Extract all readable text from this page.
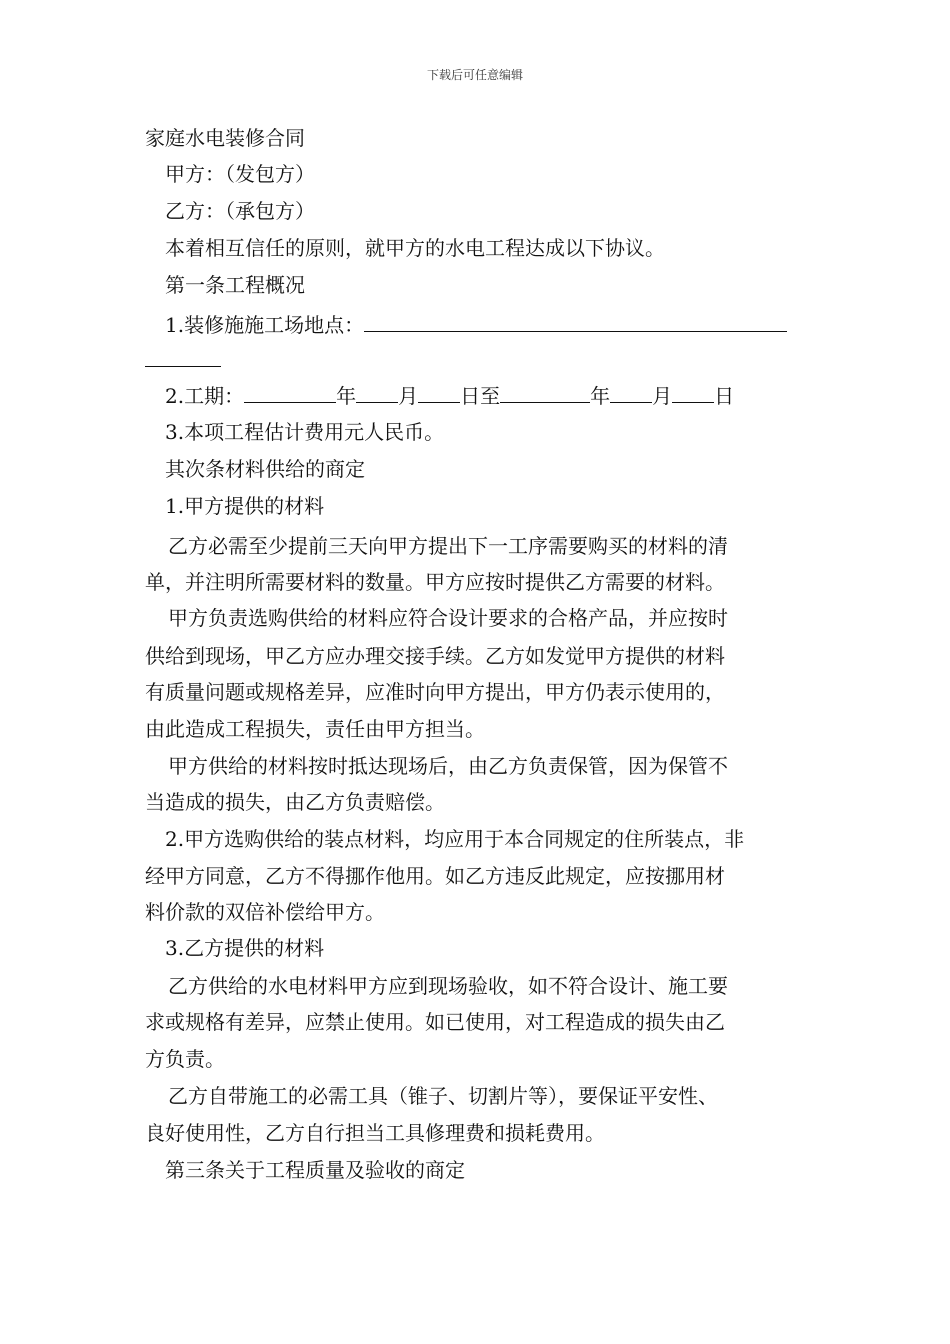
下载后可任意编辑
家庭水电装修合同
甲方：（发包方）
乙方：（承包方）
本着相互信任的原则，就甲方的水电工程达成以下协议。
第一条工程概况
1.装修施施工场地点：
2.工期：	年 月 日至	年 月 日
3.本项工程估计费用元人民币。
其次条材料供给的商定
1.甲方提供的材料
乙方必需至少提前三天向甲方提出下一工序需要购买的材料的清
单，并注明所需要材料的数量。甲方应按时提供乙方需要的材料。
甲方负责选购供给的材料应符合设计要求的合格产品，并应按时
供给到现场，甲乙方应办理交接手续。乙方如发觉甲方提供的材料
有质量问题或规格差异，应准时向甲方提出，甲方仍表示使用的，
由此造成工程损失，责任由甲方担当。
甲方供给的材料按时抵达现场后，由乙方负责保管，因为保管不
当造成的损失，由乙方负责赔偿。
2.甲方选购供给的装点材料，均应用于本合同规定的住所装点，非
经甲方同意，乙方不得挪作他用。如乙方违反此规定，应按挪用材
料价款的双倍补偿给甲方。
3.乙方提供的材料
乙方供给的水电材料甲方应到现场验收，如不符合设计、施工要
求或规格有差异，应禁止使用。如已使用，对工程造成的损失由乙
方负责。
乙方自带施工的必需工具（锥子、切割片等），要保证平安性、
良好使用性，乙方自行担当工具修理费和损耗费用。
第三条关于工程质量及验收的商定
